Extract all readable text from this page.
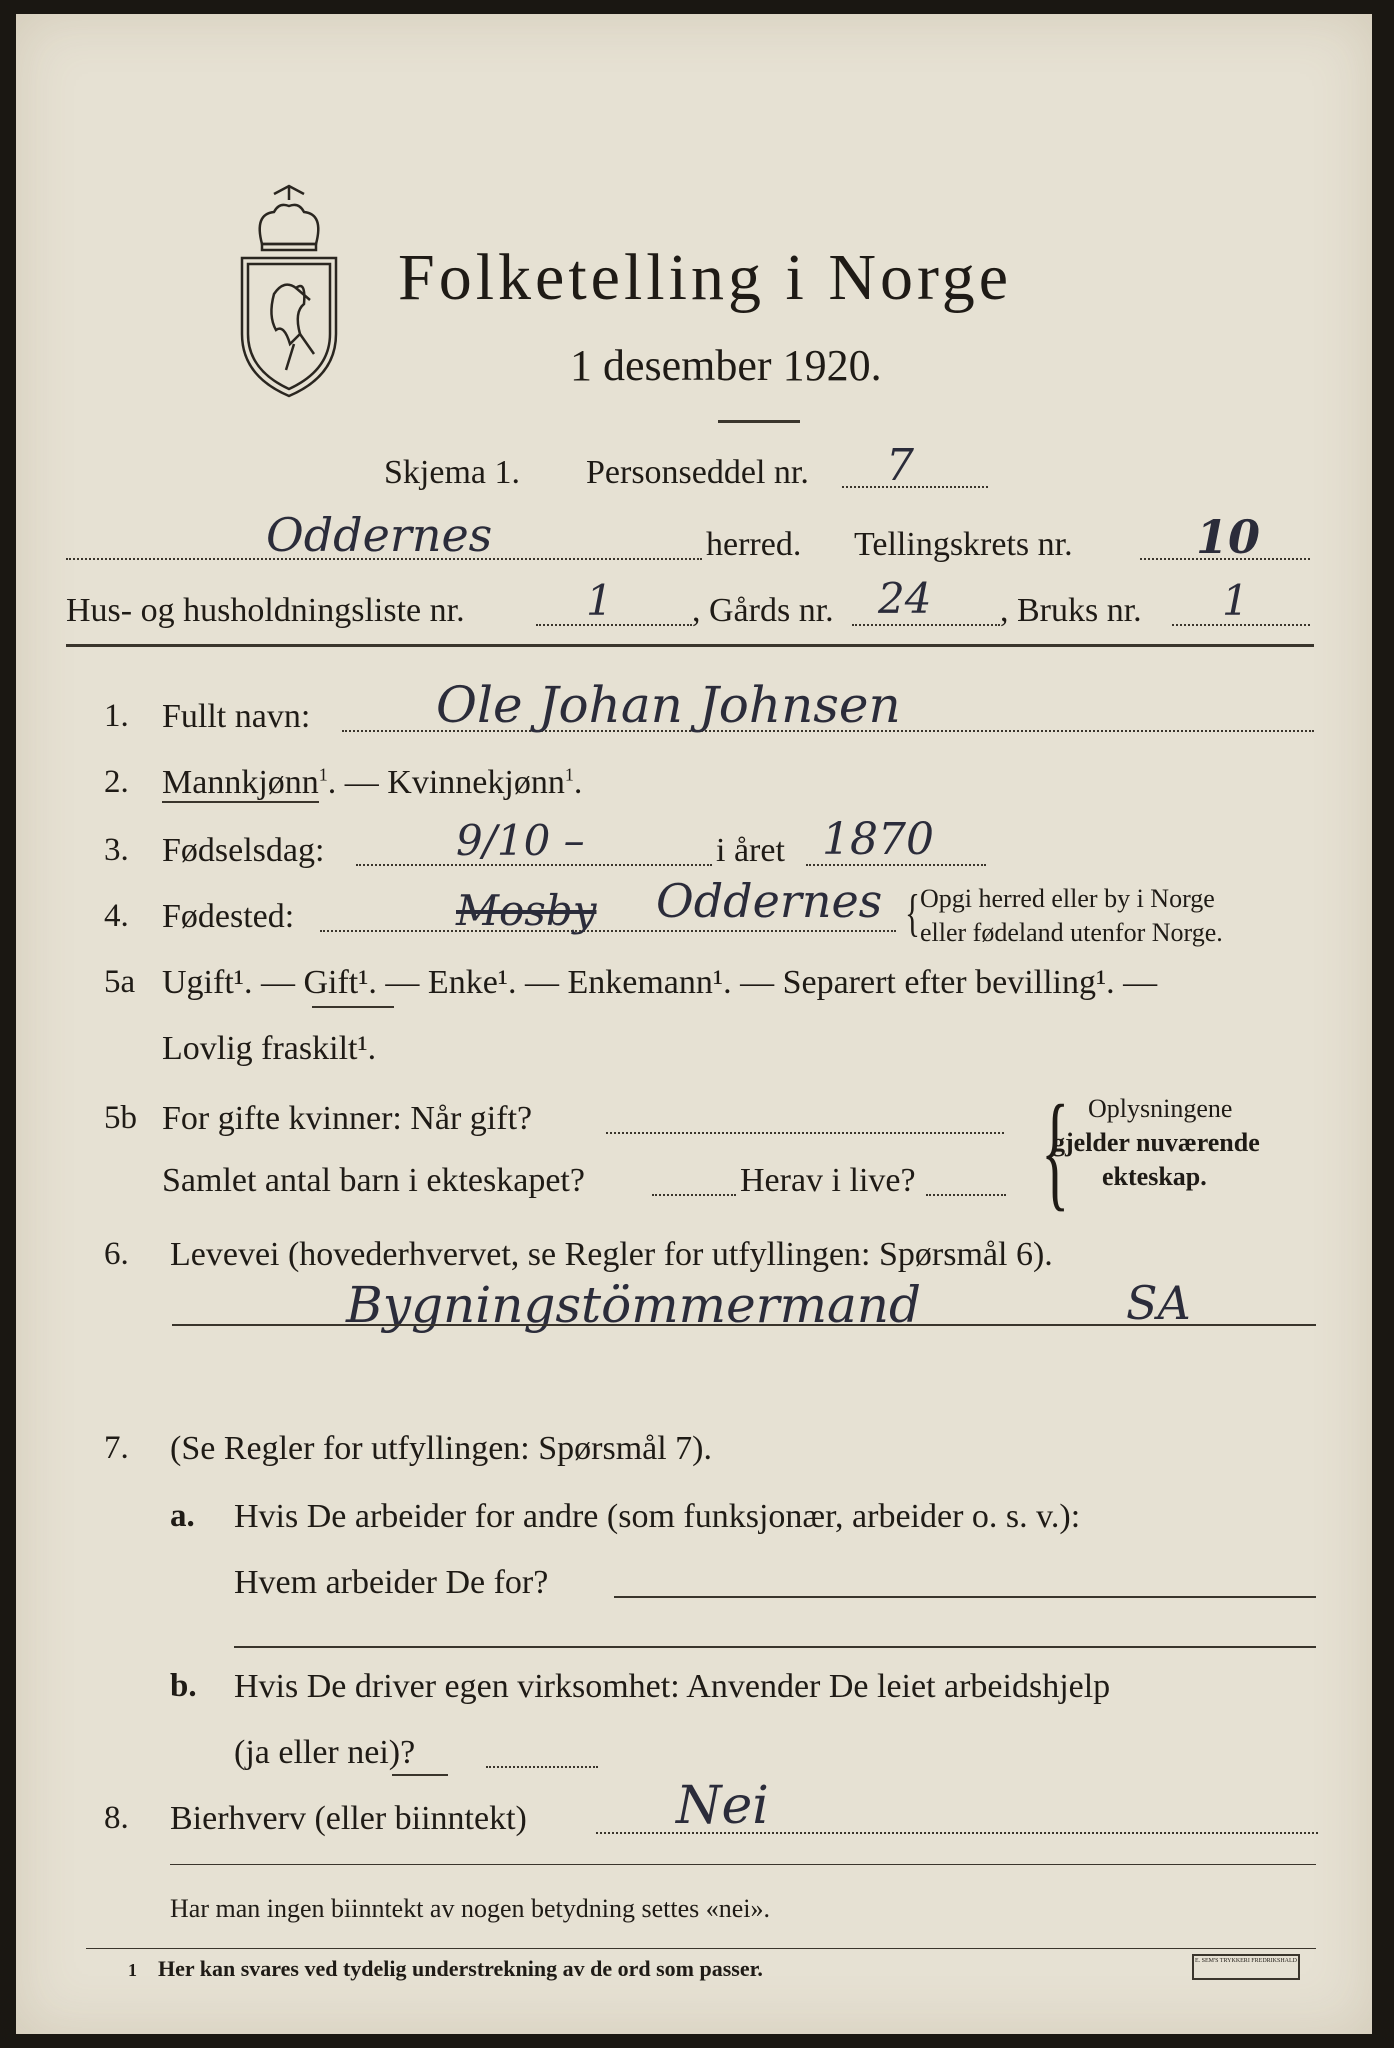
Folketelling i Norge
1 desember 1920.
Skjema 1. Personseddel nr. 7
Oddernes	herred. Tellingskrets nr.	10
Hus- og husholdningsliste nr.	1 , Gårds nr. 24 , Bruks nr. 1
1. Fullt navn:	Ole Johan Johnsen
2. Mannkjønn$^1$. — Kvinnekjønn$^1$.
3. Fødselsdag:	9/10 –	i året 1870
4. Fødested:	Mosby Oddernes { Opgi herred eller by i Norge
eller fødeland utenfor Norge.
5a Ugift¹. — Gift¹. — Enke¹. — Enkemann¹. — Separert efter bevilling¹. —
Lovlig fraskilt¹.
5b For gifte kvinner: Når gift?
Samlet antal barn i ekteskapet?	Herav i live? { Oplysningene
gjelder nuværende
ekteskap.
6. Levevei (hovederhvervet, se Regler for utfyllingen: Spørsmål 6).
Bygningstömmermand	SA
7. (Se Regler for utfyllingen: Spørsmål 7).
a. Hvis De arbeider for andre (som funksjonær, arbeider o. s. v.):
Hvem arbeider De for?
b. Hvis De driver egen virksomhet: Anvender De leiet arbeidshjelp
(ja eller nei)?
8. Bierhverv (eller biinntekt)	Nei
Har man ingen biinntekt av nogen betydning settes «nei».
1 Her kan svares ved tydelig understrekning av de ord som passer.	E. SEM'S TRYKKERI FREDRIKSHALD
